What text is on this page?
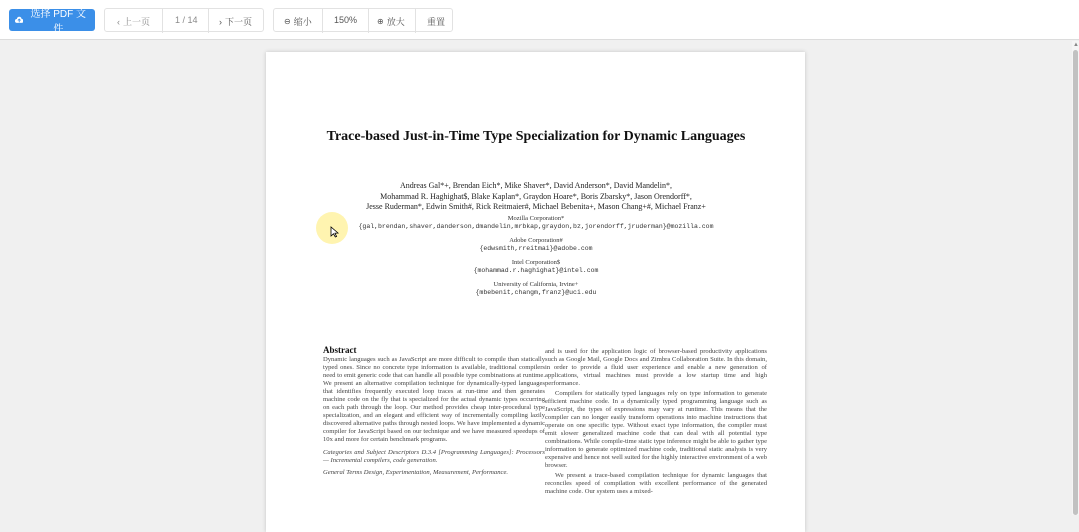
选择 PDF 文件
‹ 上一页	1 / 14 › 下一页	⊖ 缩小 150% ⊕ 放大 重置
Trace-based Just-in-Time Type Specialization for Dynamic Languages
Andreas Gal*+, Brendan Eich*, Mike Shaver*, David Anderson*, David Mandelin*,
Mohammad R. Haghighat$, Blake Kaplan*, Graydon Hoare*, Boris Zbarsky*, Jason Orendorff*,
Jesse Ruderman*, Edwin Smith#, Rick Reitmaier#, Michael Bebenita+, Mason Chang+#, Michael Franz+
Mozilla Corporation*
{gal,brendan,shaver,danderson,dmandelin,mrbkap,graydon,bz,jorendorff,jruderman}@mozilla.com
Adobe Corporation#
{edwsmith,rreitmai}@adobe.com
Intel Corporation$
{mohammad.r.haghighat}@intel.com
University of California, Irvine+
{mbebenit,changm,franz}@uci.edu
Abstract
Dynamic languages such as JavaScript are more difficult to compile than statically typed ones. Since no concrete type information is available, traditional compilers need to emit generic code that can handle all possible type combinations at runtime. We present an alternative compilation technique for dynamically-typed languages that identifies frequently executed loop traces at run-time and then generates machine code on the fly that is specialized for the actual dynamic types occurring on each path through the loop. Our method provides cheap inter-procedural type specialization, and an elegant and efficient way of incrementally compiling lazily discovered alternative paths through nested loops. We have implemented a dynamic compiler for JavaScript based on our technique and we have measured speedups of 10x and more for certain benchmark programs.
Categories and Subject Descriptors D.3.4 [Programming Languages]: Processors — Incremental compilers, code generation.
General Terms Design, Experimentation, Measurement, Performance.
and is used for the application logic of browser-based productivity applications such as Google Mail, Google Docs and Zimbra Collaboration Suite. In this domain, in order to provide a fluid user experience and enable a new generation of applications, virtual machines must provide a low startup time and high performance.
Compilers for statically typed languages rely on type information to generate efficient machine code. In a dynamically typed programming language such as JavaScript, the types of expressions may vary at runtime. This means that the compiler can no longer easily transform operations into machine instructions that operate on one specific type. Without exact type information, the compiler must emit slower generalized machine code that can deal with all potential type combinations. While compile-time static type inference might be able to gather type information to generate optimized machine code, traditional static analysis is very expensive and hence not well suited for the highly interactive environment of a web browser.
We present a trace-based compilation technique for dynamic languages that reconciles speed of compilation with excellent performance of the generated machine code. Our system uses a mixed-
▲
